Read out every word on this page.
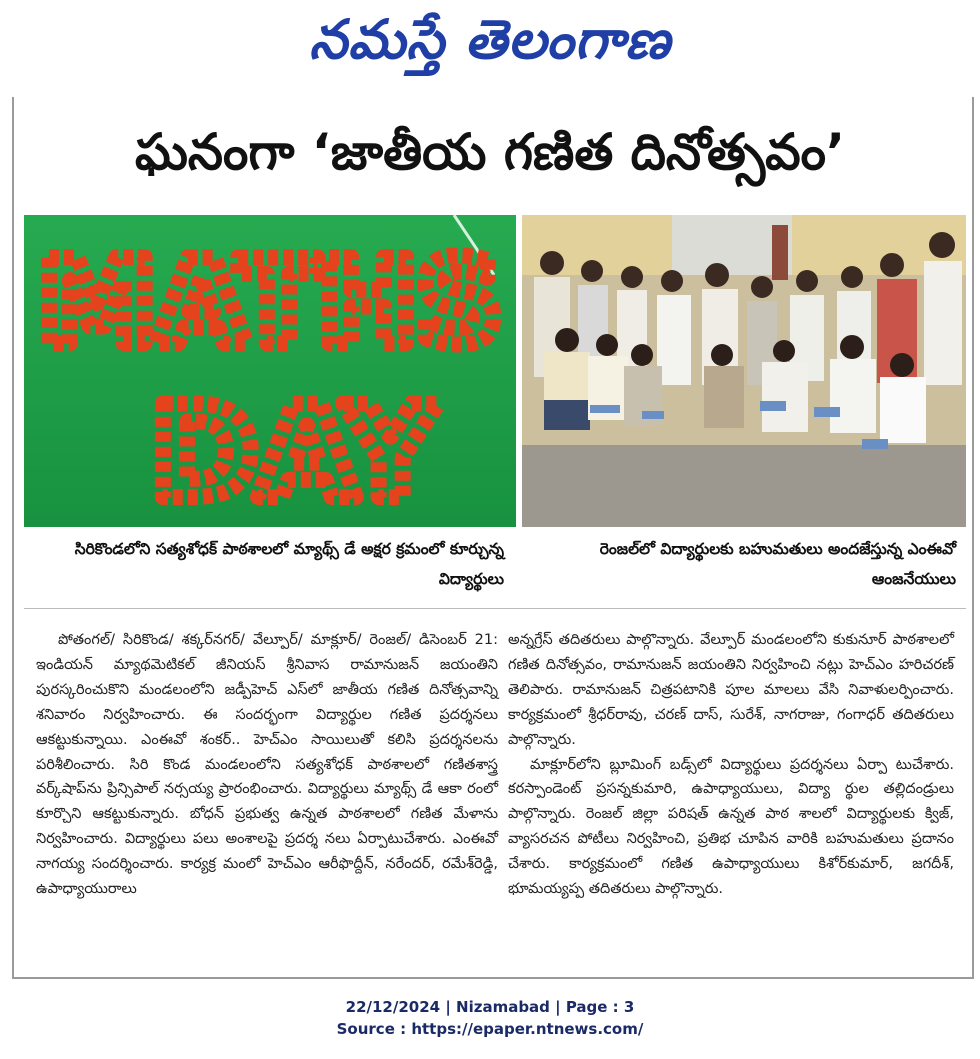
నమస్తే తెలంగాణ
ఘనంగా ‘జాతీయ గణిత దినోత్సవం’
MATHS
DAY
సిరికొండలోని సత్యశోధక్ పాఠశాలలో మ్యాథ్స్ డే అక్షర క్రమంలో కూర్చున్న విద్యార్థులు
రెంజల్‌లో విద్యార్థులకు బహుమతులు అందజేస్తున్న ఎంఈవో ఆంజనేయులు

పోతంగల్/ సిరికొండ/ శక్కర్‌నగర్/ వేల్పూర్/ మాక్లూర్/ రెంజల్/ డిసెంబర్ 21: ఇండియన్ మ్యాథమెటికల్ జీనియస్ శ్రీనివాస రామానుజన్ జయంతిని పురస్కరించుకొని మండలంలోని జడ్పీహెచ్ ఎస్‌లో జాతీయ గణిత దినోత్సవాన్ని శనివారం నిర్వహించారు. ఈ సందర్భంగా విద్యార్థుల గణిత ప్రదర్శనలు ఆకట్టుకున్నాయి. ఎంఈవో శంకర్.. హెచ్‌ఎం సాయిలుతో కలిసి ప్రదర్శనలను పరిశీలించారు. సిరి కొండ మండలంలోని సత్యశోధక్ పాఠశాలలో గణితశాస్త్ర వర్క్‌షాప్‌ను ప్రిన్సిపాల్ నర్సయ్య ప్రారంభించారు. విద్యార్థులు మ్యాథ్స్ డే ఆకా రంలో కూర్చొని ఆకట్టుకున్నారు. బోధన్ ప్రభుత్వ ఉన్నత పాఠశాలలో గణిత మేళాను నిర్వహించారు. విద్యార్థులు పలు అంశాలపై ప్రదర్శ నలు ఏర్పాటుచేశారు. ఎంఈవో నాగయ్య సందర్శించారు. కార్యక్ర మంలో హెచ్‌ఎం ఆరీఫొద్దీన్, నరేందర్, రమేశ్‌రెడ్డి, ఉపాధ్యాయురాలు

అన్నగ్రేస్ తదితరులు పాల్గొన్నారు. వేల్పూర్ మండలంలోని కుకునూర్ పాఠశాలలో గణిత దినోత్సవం, రామానుజన్ జయంతిని నిర్వహించి నట్లు హెచ్‌ఎం హరిచరణ్ తెలిపారు. రామానుజన్ చిత్రపటానికి పూల మాలలు వేసి నివాళులర్పించారు. కార్యక్రమంలో శ్రీధర్‌రావు, చరణ్ దాస్, సురేశ్, నాగరాజు, గంగాధర్ తదితరులు పాల్గొన్నారు.

మాక్లూర్‌లోని బ్లూమింగ్ బడ్స్‌లో విద్యార్థులు ప్రదర్శనలు ఏర్పా టుచేశారు. కరస్పాండెంట్ ప్రసన్నకుమారి, ఉపాధ్యాయులు, విద్యా ర్థుల తల్లిదండ్రులు పాల్గొన్నారు. రెంజల్ జిల్లా పరిషత్ ఉన్నత పాఠ శాలలో విద్యార్థులకు క్విజ్, వ్యాసరచన పోటీలు నిర్వహించి, ప్రతిభ చూపిన వారికి బహుమతులు ప్రదానం చేశారు. కార్యక్రమంలో గణిత ఉపాధ్యాయులు కిశోర్‌కుమార్, జగదీశ్, భూమయ్యప్ప తదితరులు పాల్గొన్నారు.

22/12/2024 | Nizamabad | Page : 3
Source : https://epaper.ntnews.com/
